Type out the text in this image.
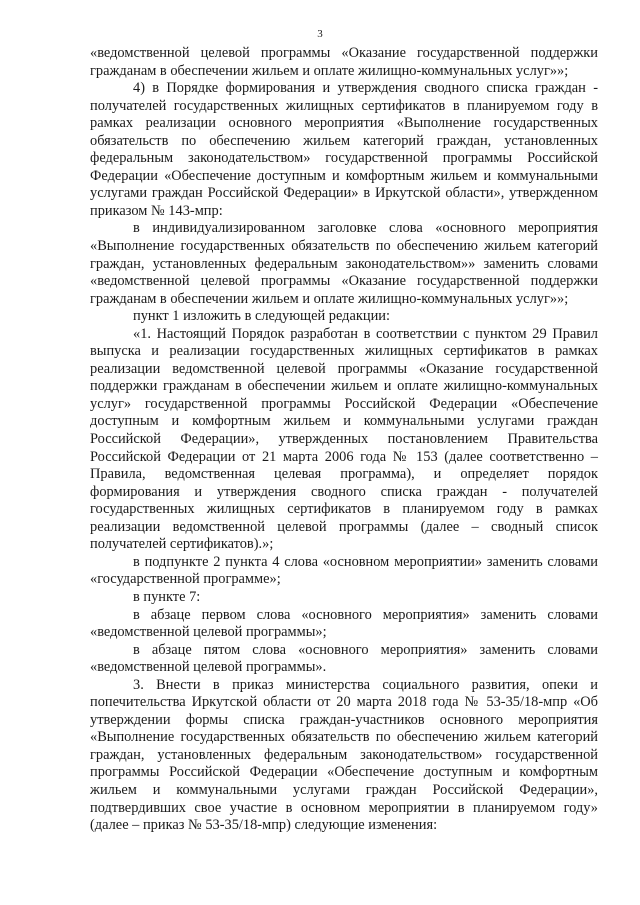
3

«ведомственной целевой программы «Оказание государственной поддержки гражданам в обеспечении жильем и оплате жилищно-коммунальных услуг»»;

4) в Порядке формирования и утверждения сводного списка граждан - получателей государственных жилищных сертификатов в планируемом году в рамках реализации основного мероприятия «Выполнение государственных обязательств по обеспечению жильем категорий граждан, установленных федеральным законодательством» государственной программы Российской Федерации «Обеспечение доступным и комфортным жильем и коммунальными услугами граждан Российской Федерации» в Иркутской области», утвержденном приказом № 143-мпр:

в индивидуализированном заголовке слова «основного мероприятия «Выполнение государственных обязательств по обеспечению жильем категорий граждан, установленных федеральным законодательством»» заменить словами «ведомственной целевой программы «Оказание государственной поддержки гражданам в обеспечении жильем и оплате жилищно-коммунальных услуг»»;

пункт 1 изложить в следующей редакции:

«1. Настоящий Порядок разработан в соответствии с пунктом 29 Правил выпуска и реализации государственных жилищных сертификатов в рамках реализации ведомственной целевой программы «Оказание государственной поддержки гражданам в обеспечении жильем и оплате жилищно-коммунальных услуг» государственной программы Российской Федерации «Обеспечение доступным и комфортным жильем и коммунальными услугами граждан Российской Федерации», утвержденных постановлением Правительства Российской Федерации от 21 марта 2006 года № 153 (далее соответственно – Правила, ведомственная целевая программа), и определяет порядок формирования и утверждения сводного списка граждан - получателей государственных жилищных сертификатов в планируемом году в рамках реализации ведомственной целевой программы (далее – сводный список получателей сертификатов).»;

в подпункте 2 пункта 4 слова «основном мероприятии» заменить словами «государственной программе»;

в пункте 7:

в абзаце первом слова «основного мероприятия» заменить словами «ведомственной целевой программы»;

в абзаце пятом слова «основного мероприятия» заменить словами «ведомственной целевой программы».

3. Внести в приказ министерства социального развития, опеки и попечительства Иркутской области от 20 марта 2018 года № 53-35/18-мпр «Об утверждении формы списка граждан-участников основного мероприятия «Выполнение государственных обязательств по обеспечению жильем категорий граждан, установленных федеральным законодательством» государственной программы Российской Федерации «Обеспечение доступным и комфортным жильем и коммунальными услугами граждан Российской Федерации», подтвердивших свое участие в основном мероприятии в планируемом году» (далее – приказ № 53-35/18-мпр) следующие изменения:
